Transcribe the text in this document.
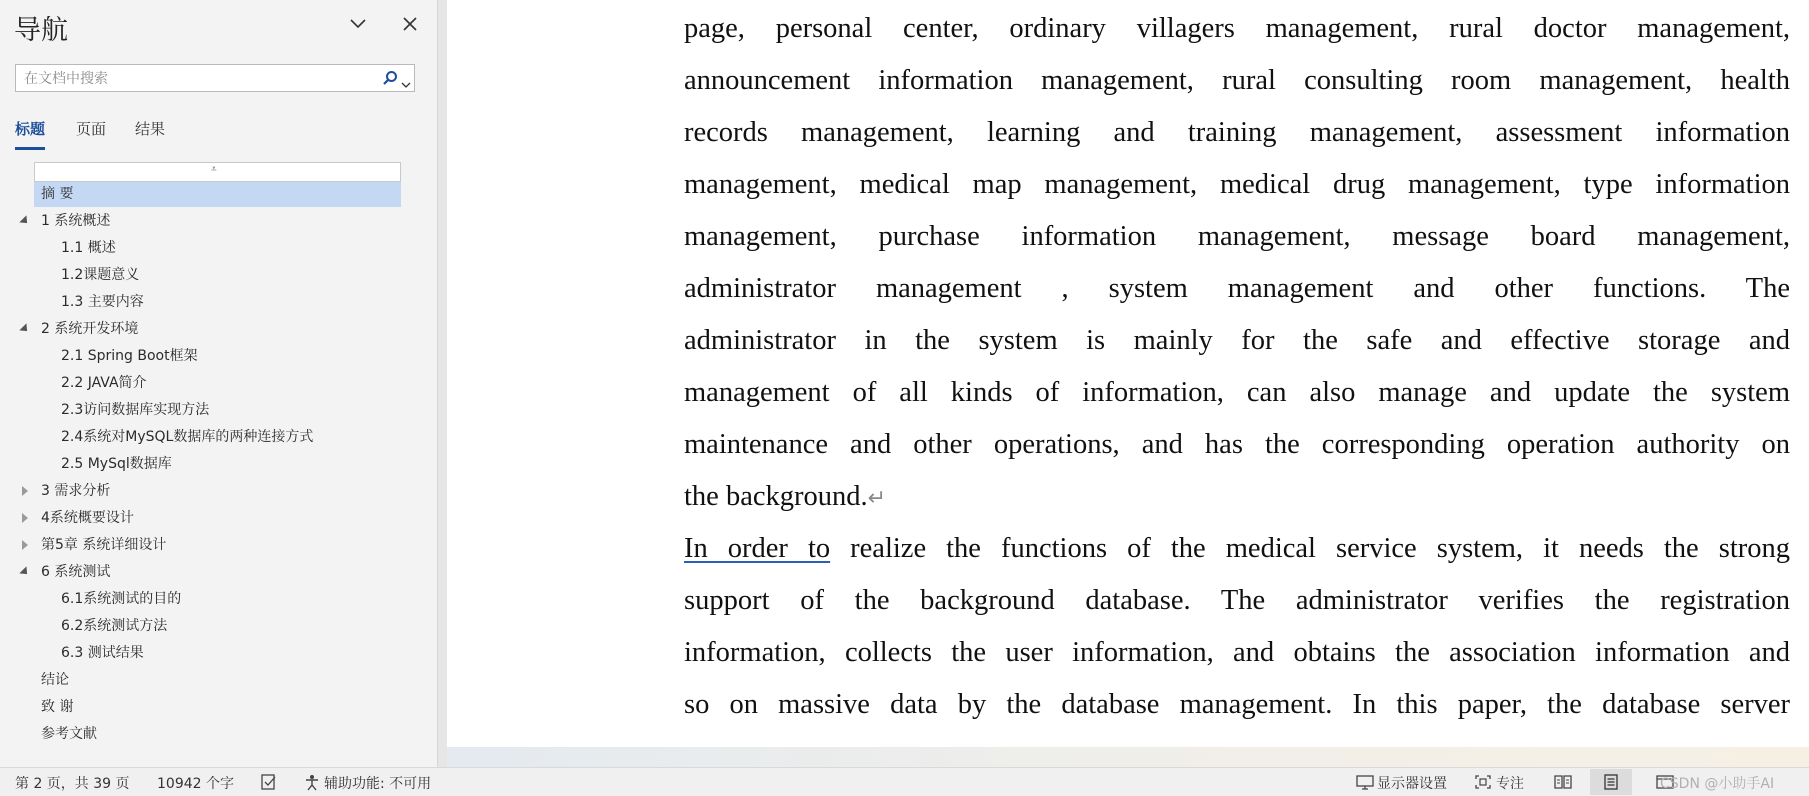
导航
在文档中搜索
标题 页面 结果
⩡
摘 要
1 系统概述
1.1 概述
1.2课题意义
1.3 主要内容
2 系统开发环境
2.1 Spring Boot框架
2.2 JAVA简介
2.3访问数据库实现方法
2.4系统对MySQL数据库的两种连接方式
2.5 MySql数据库
3 需求分析
4系统概要设计
第5章 系统详细设计
6 系统测试
6.1系统测试的目的
6.2系统测试方法
6.3 测试结果
结论
致 谢
参考文献
page, personal center, ordinary villagers management, rural doctor management,
announcement information management, rural consulting room management, health
records management, learning and training management, assessment information
management, medical map management, medical drug management, type information
management, purchase information management, message board management,
administrator management , system management and other functions. The
administrator in the system is mainly for the safe and effective storage and
management of all kinds of information, can also manage and update the system
maintenance and other operations, and has the corresponding operation authority on
the background.↵
In order to realize the functions of the medical service system, it needs the strong
support of the background database. The administrator verifies the registration
information, collects the user information, and obtains the association information and
so on massive data by the database management. In this paper, the database server
第 2 页，共 39 页 10942 个字	辅助功能: 不可用	显示器设置	专注	CSDN @小助手AI
